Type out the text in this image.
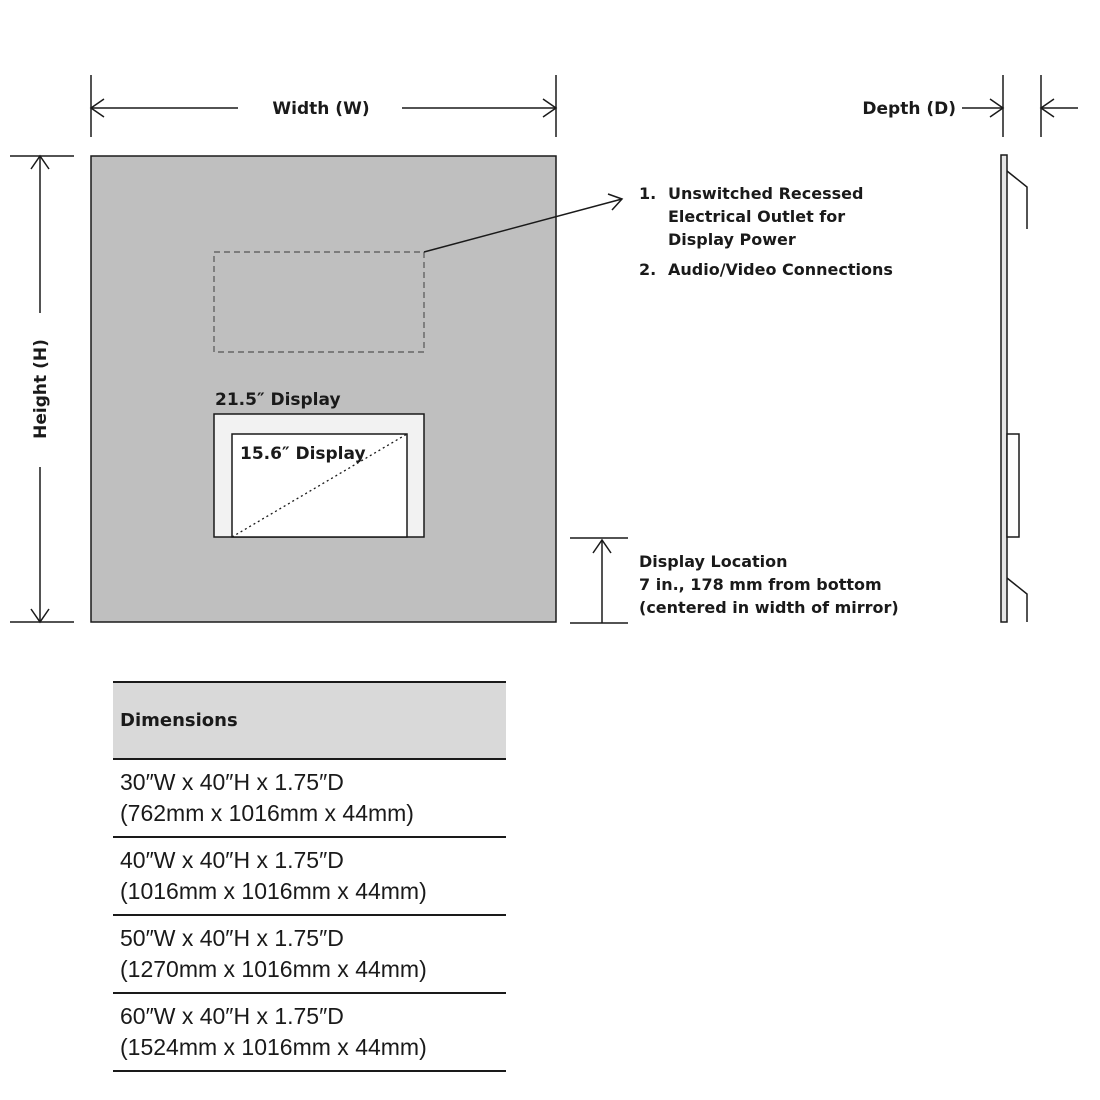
Width (W)	Depth (D)
Height (H)	21.5″ Display
15.6″ Display
1. Unswitched Recessed
Electrical Outlet for
Display Power
2. Audio/Video Connections
Display Location
7 in., 178 mm from bottom
(centered in width of mirror)
Dimensions

30″W x 40″H x 1.75″D
(762mm x 1016mm x 44mm)

40″W x 40″H x 1.75″D
(1016mm x 1016mm x 44mm)

50″W x 40″H x 1.75″D
(1270mm x 1016mm x 44mm)

60″W x 40″H x 1.75″D
(1524mm x 1016mm x 44mm)
